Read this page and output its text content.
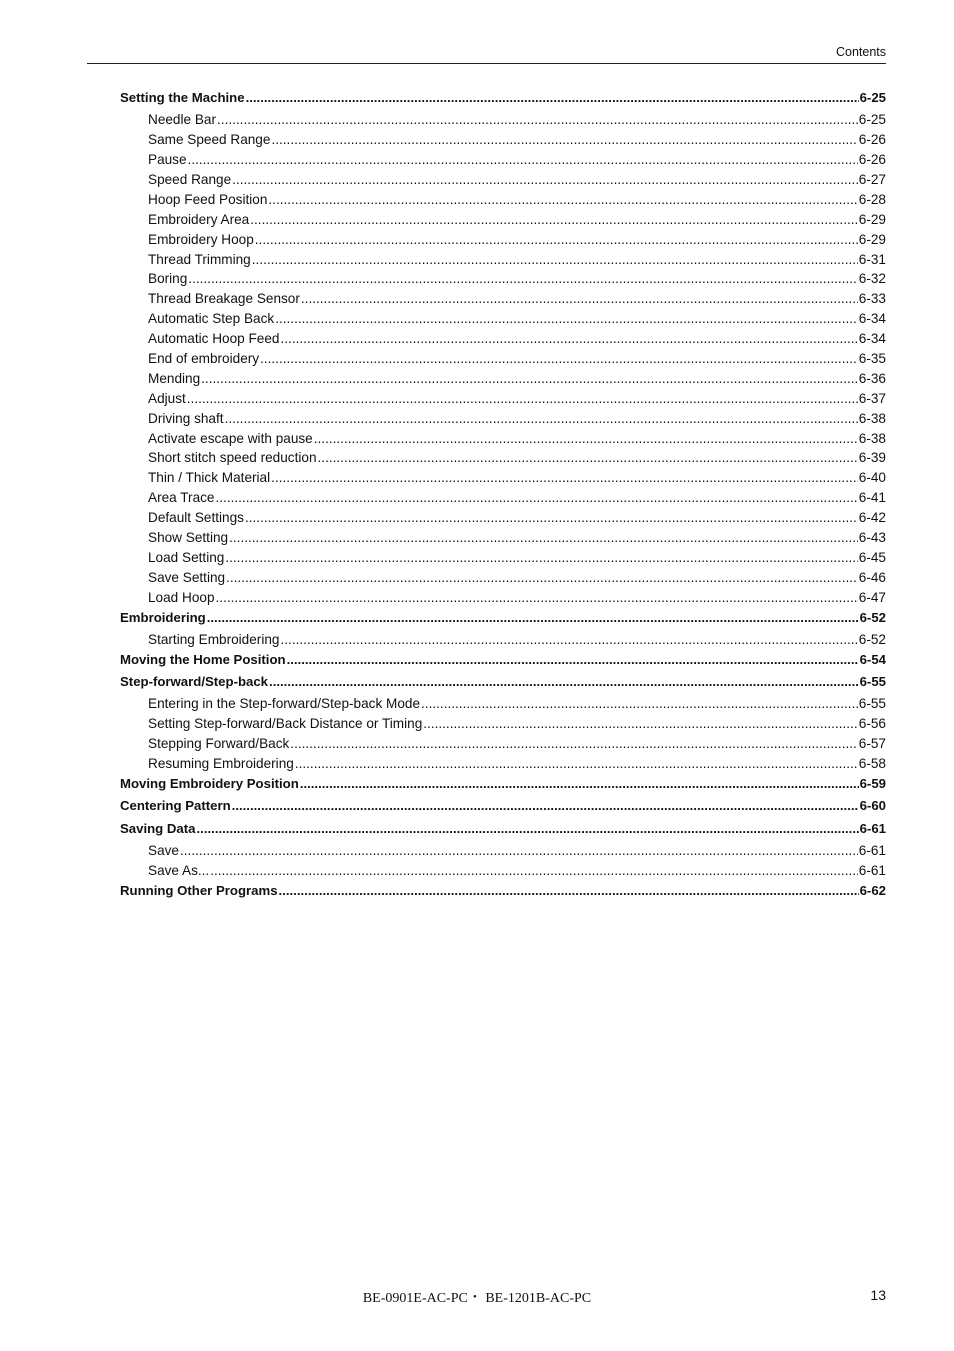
Contents
Setting the Machine .....	6-25
Needle Bar .....	6-25
Same Speed Range .....	6-26
Pause .....	6-26
Speed Range .....	6-27
Hoop Feed Position .....	6-28
Embroidery Area .....	6-29
Embroidery Hoop .....	6-29
Thread Trimming .....	6-31
Boring .....	6-32
Thread Breakage Sensor .....	6-33
Automatic Step Back .....	6-34
Automatic Hoop Feed .....	6-34
End of embroidery .....	6-35
Mending .....	6-36
Adjust .....	6-37
Driving shaft .....	6-38
Activate escape with pause .....	6-38
Short stitch speed reduction .....	6-39
Thin / Thick Material .....	6-40
Area Trace .....	6-41
Default Settings .....	6-42
Show Setting .....	6-43
Load Setting .....	6-45
Save Setting .....	6-46
Load Hoop .....	6-47
Embroidering .....	6-52
Starting Embroidering .....	6-52
Moving the Home Position .....	6-54
Step-forward/Step-back .....	6-55
Entering in the Step-forward/Step-back Mode .....	6-55
Setting Step-forward/Back Distance or Timing .....	6-56
Stepping Forward/Back .....	6-57
Resuming Embroidering .....	6-58
Moving Embroidery Position .....	6-59
Centering Pattern .....	6-60
Saving Data .....	6-61
Save .....	6-61
Save As... .....	6-61
Running Other Programs .....	6-62
BE-0901E-AC-PC・ BE-1201B-AC-PC	13
